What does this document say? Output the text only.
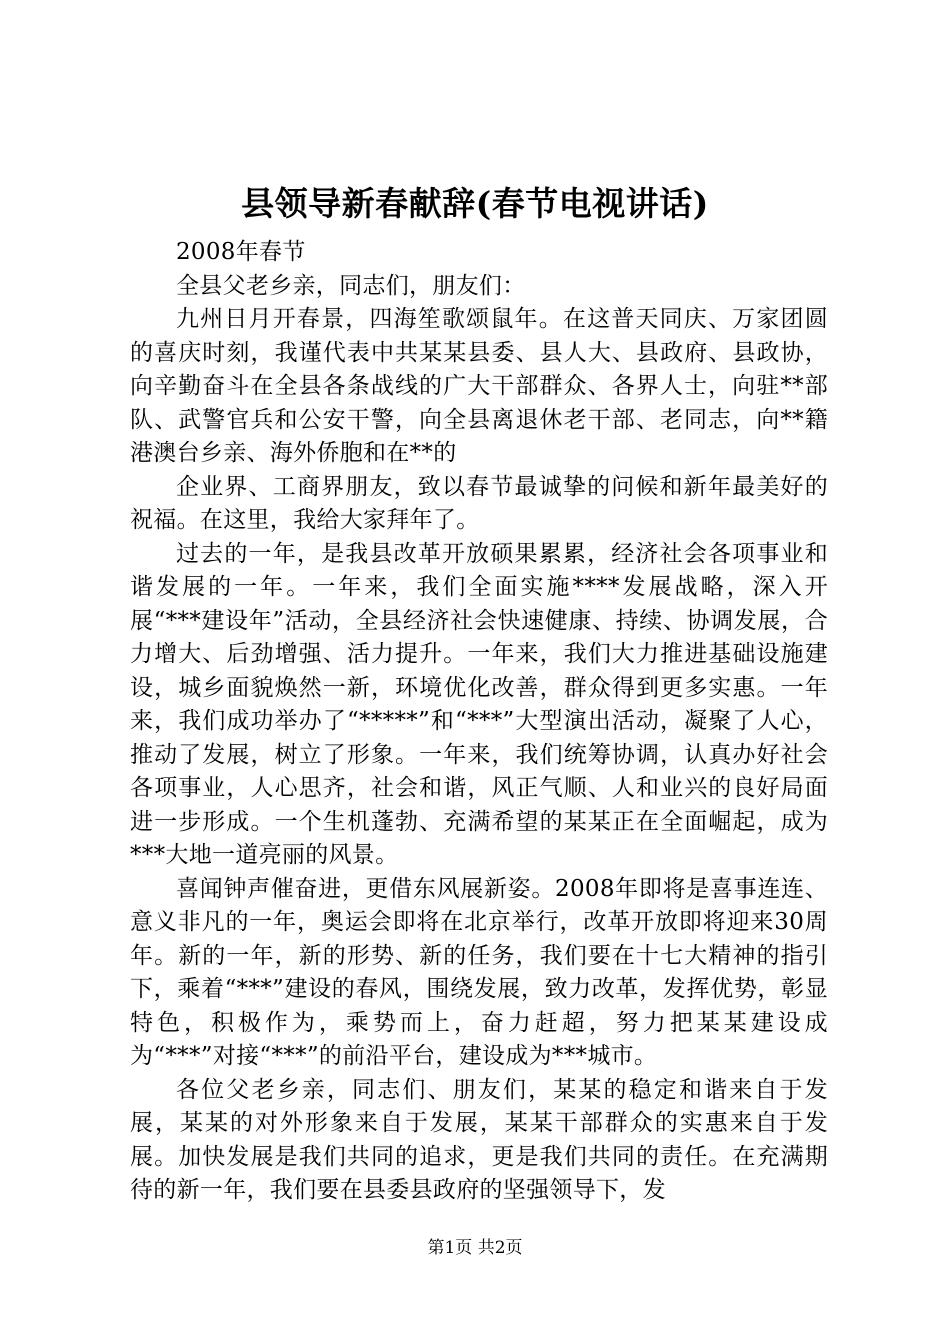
县领导新春献辞(春节电视讲话)

2008年春节

全县父老乡亲，同志们，朋友们：

九州日月开春景，四海笙歌颂鼠年。在这普天同庆、万家团圆的喜庆时刻，我谨代表中共某某县委、县人大、县政府、县政协，向辛勤奋斗在全县各条战线的广大干部群众、各界人士，向驻**部队、武警官兵和公安干警，向全县离退休老干部、老同志，向**籍港澳台乡亲、海外侨胞和在**的

企业界、工商界朋友，致以春节最诚挚的问候和新年最美好的祝福。在这里，我给大家拜年了。

过去的一年，是我县改革开放硕果累累，经济社会各项事业和谐发展的一年。一年来，我们全面实施****发展战略，深入开展“***建设年”活动，全县经济社会快速健康、持续、协调发展，合力增大、后劲增强、活力提升。一年来，我们大力推进基础设施建设，城乡面貌焕然一新，环境优化改善，群众得到更多实惠。一年来，我们成功举办了“*****”和“***”大型演出活动，凝聚了人心，推动了发展，树立了形象。一年来，我们统筹协调，认真办好社会各项事业，人心思齐，社会和谐，风正气顺、人和业兴的良好局面进一步形成。一个生机蓬勃、充满希望的某某正在全面崛起，成为***大地一道亮丽的风景。

喜闻钟声催奋进，更借东风展新姿。2008年即将是喜事连连、意义非凡的一年，奥运会即将在北京举行，改革开放即将迎来30周年。新的一年，新的形势、新的任务，我们要在十七大精神的指引下，乘着“***”建设的春风，围绕发展，致力改革，发挥优势，彰显特色，积极作为，乘势而上，奋力赶超，努力把某某建设成为“***”对接“***”的前沿平台，建设成为***城市。

各位父老乡亲，同志们、朋友们，某某的稳定和谐来自于发展，某某的对外形象来自于发展，某某干部群众的实惠来自于发展。加快发展是我们共同的追求，更是我们共同的责任。在充满期待的新一年，我们要在县委县政府的坚强领导下，发

第1页 共2页
